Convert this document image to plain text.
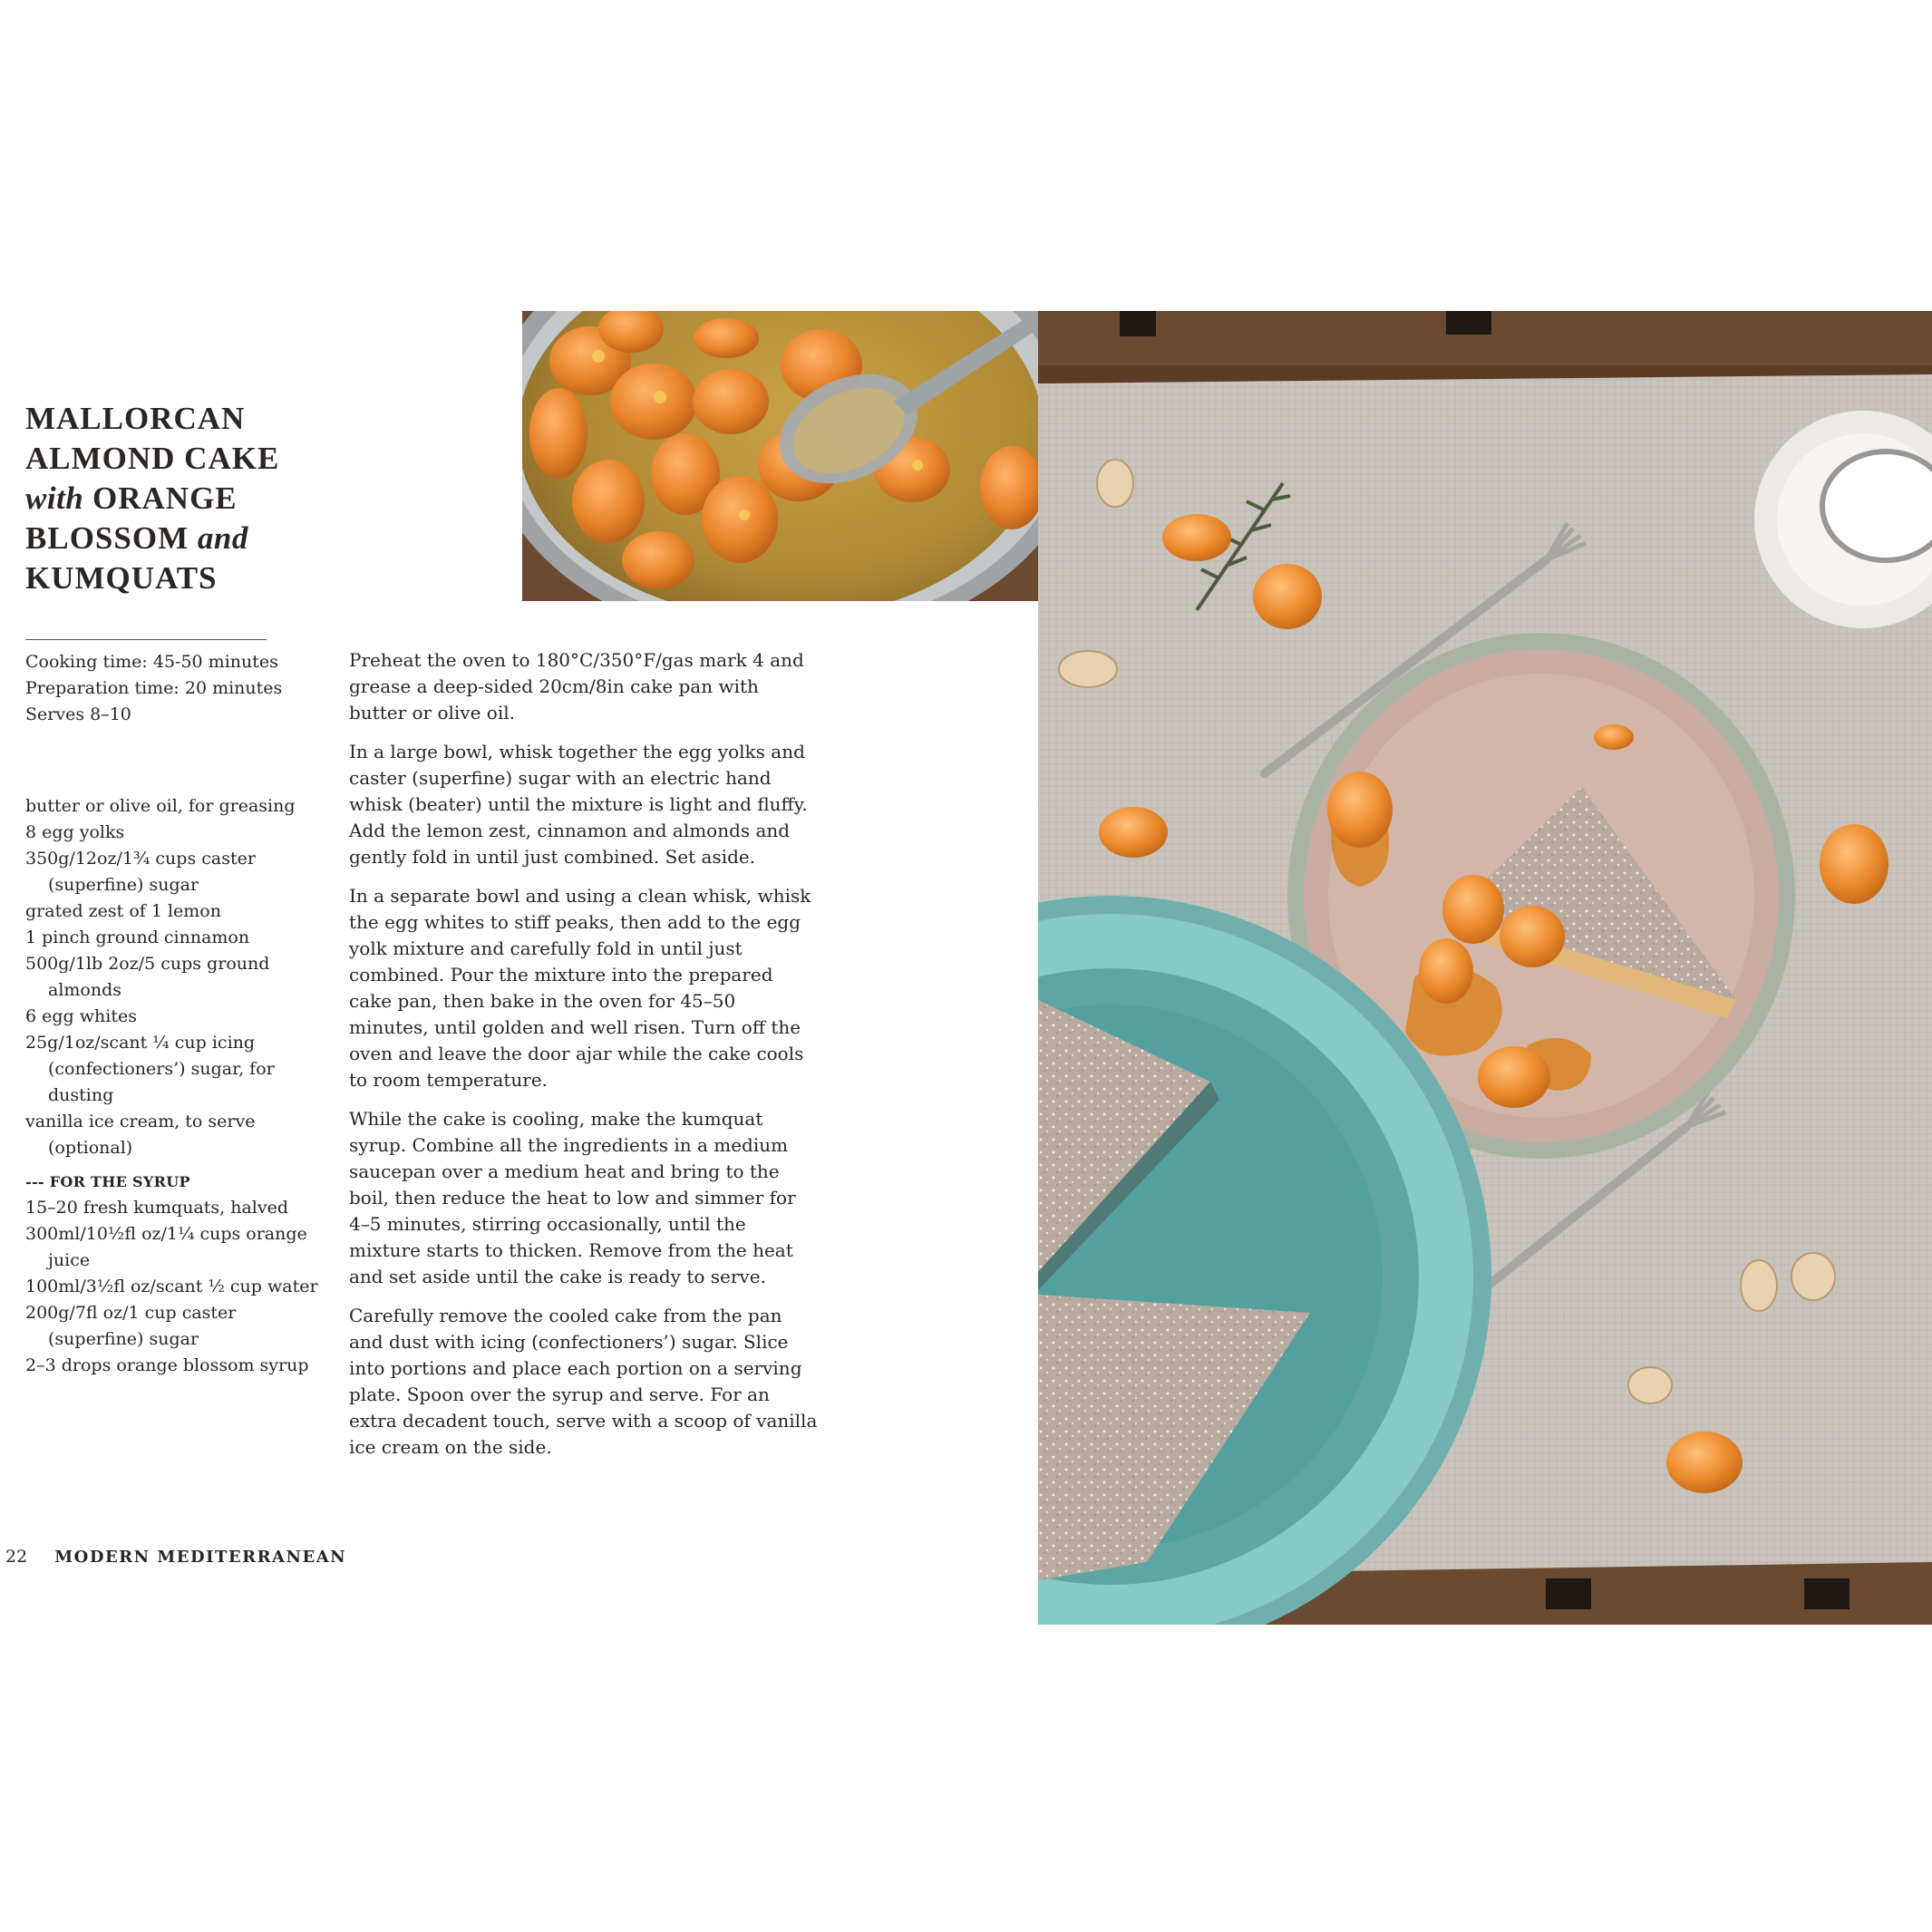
MALLORCAN
ALMOND CAKE
with ORANGE
BLOSSOM and
KUMQUATS
Cooking time: 45-50 minutes
Preparation time: 20 minutes
Serves 8–10
butter or olive oil, for greasing
8 egg yolks
350g/12oz/1¾ cups caster (superfine) sugar
grated zest of 1 lemon
1 pinch ground cinnamon
500g/1lb 2oz/5 cups ground almonds
6 egg whites
25g/1oz/scant ¼ cup icing (confectioners’) sugar, for dusting
vanilla ice cream, to serve (optional)
--- FOR THE SYRUP
15–20 fresh kumquats, halved
300ml/10½fl oz/1¼ cups orange juice
100ml/3½fl oz/scant ½ cup water
200g/7fl oz/1 cup caster (superfine) sugar
2–3 drops orange blossom syrup

Preheat the oven to 180°C/350°F/gas mark 4 and grease a deep-sided 20cm/8in cake pan with butter or olive oil.

In a large bowl, whisk together the egg yolks and caster (superfine) sugar with an electric hand whisk (beater) until the mixture is light and fluffy. Add the lemon zest, cinnamon and almonds and gently fold in until just combined. Set aside.

In a separate bowl and using a clean whisk, whisk the egg whites to stiff peaks, then add to the egg yolk mixture and carefully fold in until just combined. Pour the mixture into the prepared cake pan, then bake in the oven for 45–50 minutes, until golden and well risen. Turn off the oven and leave the door ajar while the cake cools to room temperature.

While the cake is cooling, make the kumquat syrup. Combine all the ingredients in a medium saucepan over a medium heat and bring to the boil, then reduce the heat to low and simmer for 4–5 minutes, stirring occasionally, until the mixture starts to thicken. Remove from the heat and set aside until the cake is ready to serve.

Carefully remove the cooled cake from the pan and dust with icing (confectioners’) sugar. Slice into portions and place each portion on a serving plate. Spoon over the syrup and serve. For an extra decadent touch, serve with a scoop of vanilla ice cream on the side.

22 MODERN MEDITERRANEAN
